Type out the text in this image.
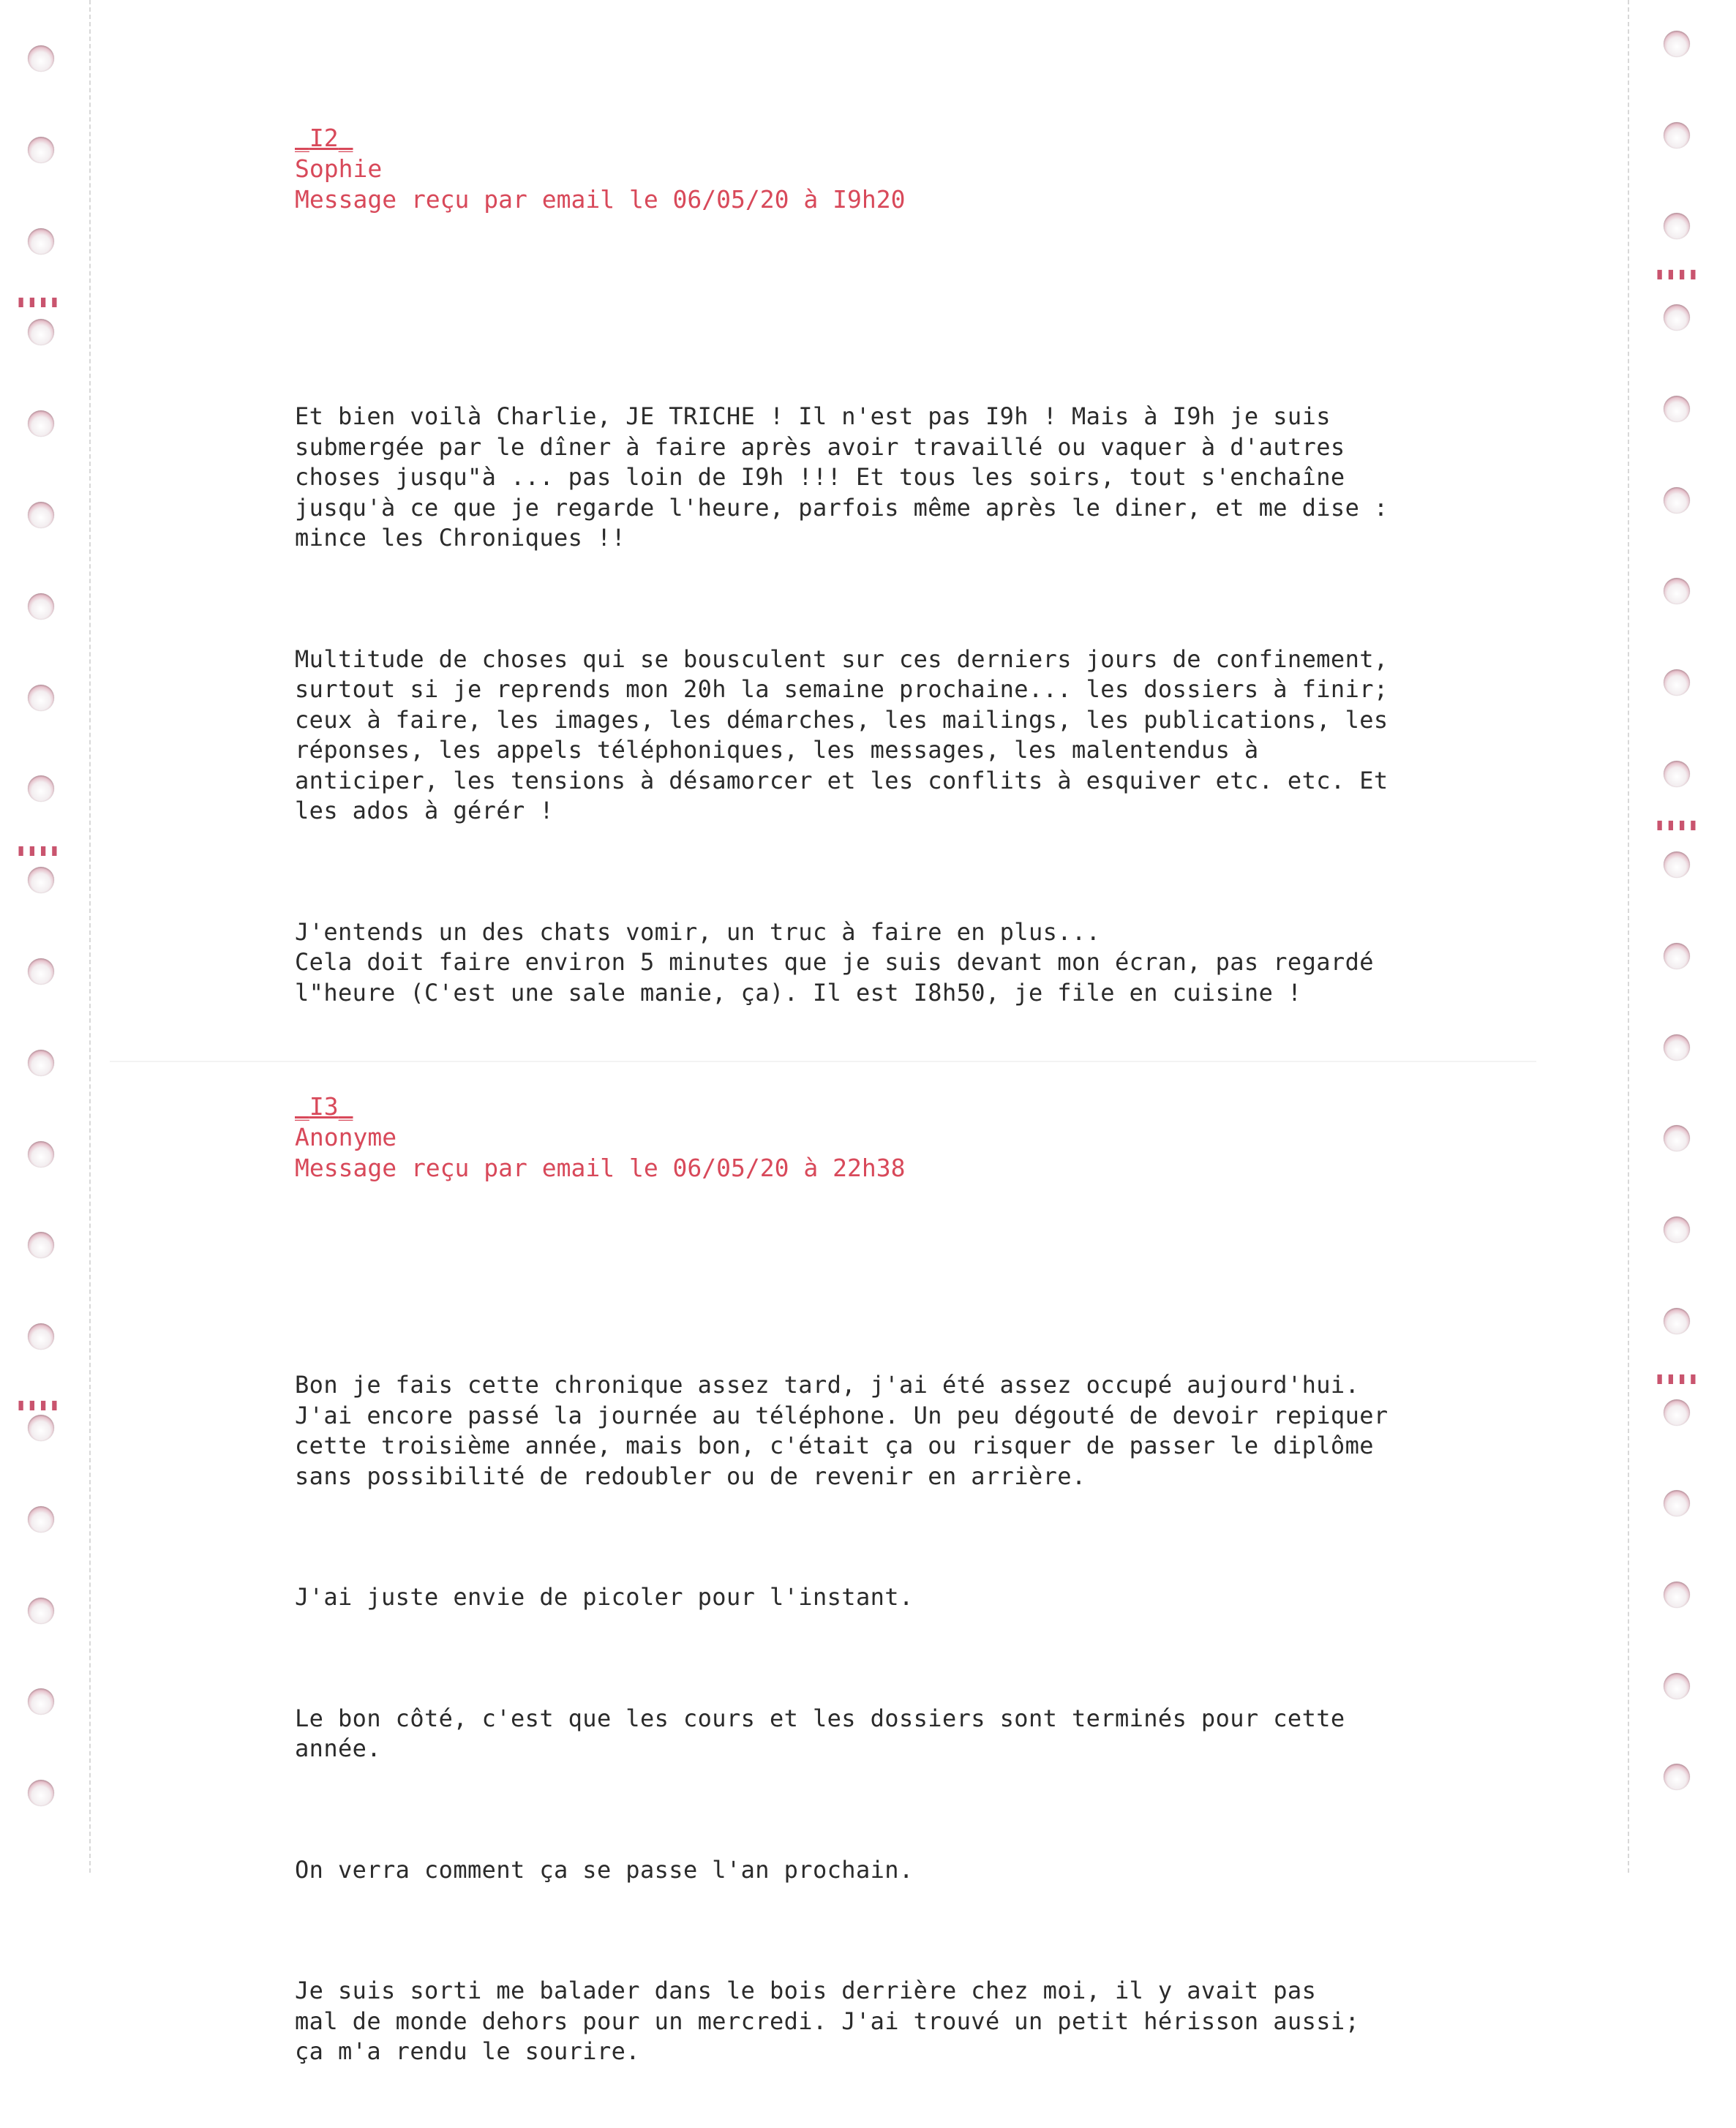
▮▮▮▮
▮▮▮▮
▮▮▮▮
▮▮▮▮
▮▮▮▮
▮▮▮▮
_ I2 _
Sophie
Message reçu par email le 06/05/20 à I9h20

Et bien voilà Charlie, JE TRICHE ! Il n'est pas I9h ! Mais à I9h je suis
submergée par le dîner à faire après avoir travaillé ou vaquer à d'autres
choses jusqu"à ... pas loin de I9h !!! Et tous les soirs, tout s'enchaîne
jusqu'à ce que je regarde l'heure, parfois même après le diner, et me dise :
mince les Chroniques !!

Multitude de choses qui se bousculent sur ces derniers jours de confinement,
surtout si je reprends mon 20h la semaine prochaine... les dossiers à finir;
ceux à faire, les images, les démarches, les mailings, les publications, les
réponses, les appels téléphoniques, les messages, les malentendus à
anticiper, les tensions à désamorcer et les conflits à esquiver etc. etc. Et
les ados à gérér !

J'entends un des chats vomir, un truc à faire en plus...
Cela doit faire environ 5 minutes que je suis devant mon écran, pas regardé
l"heure (C'est une sale manie, ça). Il est I8h50, je file en cuisine !

_ I3 _
Anonyme
Message reçu par email le 06/05/20 à 22h38

Bon je fais cette chronique assez tard, j'ai été assez occupé aujourd'hui.
J'ai encore passé la journée au téléphone. Un peu dégouté de devoir repiquer
cette troisième année, mais bon, c'était ça ou risquer de passer le diplôme
sans possibilité de redoubler ou de revenir en arrière.

J'ai juste envie de picoler pour l'instant.

Le bon côté, c'est que les cours et les dossiers sont terminés pour cette
année.

On verra comment ça se passe l'an prochain.

Je suis sorti me balader dans le bois derrière chez moi, il y avait pas
mal de monde dehors pour un mercredi. J'ai trouvé un petit hérisson aussi;
ça m'a rendu le sourire.
